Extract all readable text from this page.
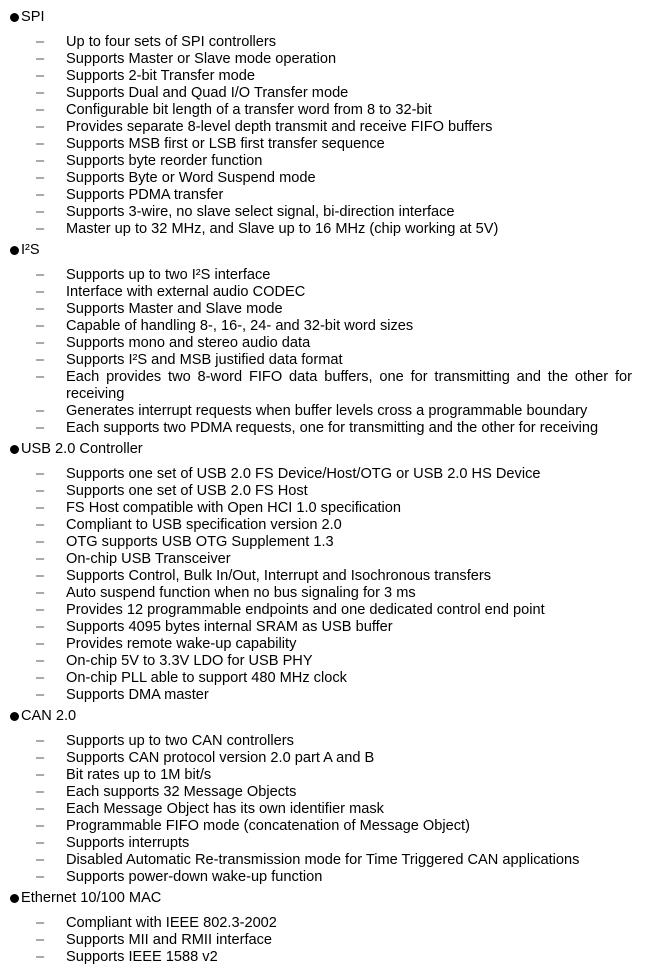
SPI
–	Up to four sets of SPI controllers
–	Supports Master or Slave mode operation
–	Supports 2-bit Transfer mode
–	Supports Dual and Quad I/O Transfer mode
–	Configurable bit length of a transfer word from 8 to 32-bit
–	Provides separate 8-level depth transmit and receive FIFO buffers
–	Supports MSB first or LSB first transfer sequence
–	Supports byte reorder function
–	Supports Byte or Word Suspend mode
–	Supports PDMA transfer
–	Supports 3-wire, no slave select signal, bi-direction interface
–	Master up to 32 MHz, and Slave up to 16 MHz (chip working at 5V)
I²S
–	Supports up to two I²S interface
–	Interface with external audio CODEC
–	Supports Master and Slave mode
–	Capable of handling 8-, 16-, 24- and 32-bit word sizes
–	Supports mono and stereo audio data
–	Supports I²S and MSB justified data format
–	Each provides two 8-word FIFO data buffers, one for transmitting and the other for receiving
–	Generates interrupt requests when buffer levels cross a programmable boundary
–	Each supports two PDMA requests, one for transmitting and the other for receiving
USB 2.0 Controller
–	Supports one set of USB 2.0 FS Device/Host/OTG or USB 2.0 HS Device
–	Supports one set of USB 2.0 FS Host
–	FS Host compatible with Open HCI 1.0 specification
–	Compliant to USB specification version 2.0
–	OTG supports USB OTG Supplement 1.3
–	On-chip USB Transceiver
–	Supports Control, Bulk In/Out, Interrupt and Isochronous transfers
–	Auto suspend function when no bus signaling for 3 ms
–	Provides 12 programmable endpoints and one dedicated control end point
–	Supports 4095 bytes internal SRAM as USB buffer
–	Provides remote wake-up capability
–	On-chip 5V to 3.3V LDO for USB PHY
–	On-chip PLL able to support 480 MHz clock
–	Supports DMA master
CAN 2.0
–	Supports up to two CAN controllers
–	Supports CAN protocol version 2.0 part A and B
–	Bit rates up to 1M bit/s
–	Each supports 32 Message Objects
–	Each Message Object has its own identifier mask
–	Programmable FIFO mode (concatenation of Message Object)
–	Supports interrupts
–	Disabled Automatic Re-transmission mode for Time Triggered CAN applications
–	Supports power-down wake-up function
Ethernet 10/100 MAC
–	Compliant with IEEE 802.3-2002
–	Supports MII and RMII interface
–	Supports IEEE 1588 v2
